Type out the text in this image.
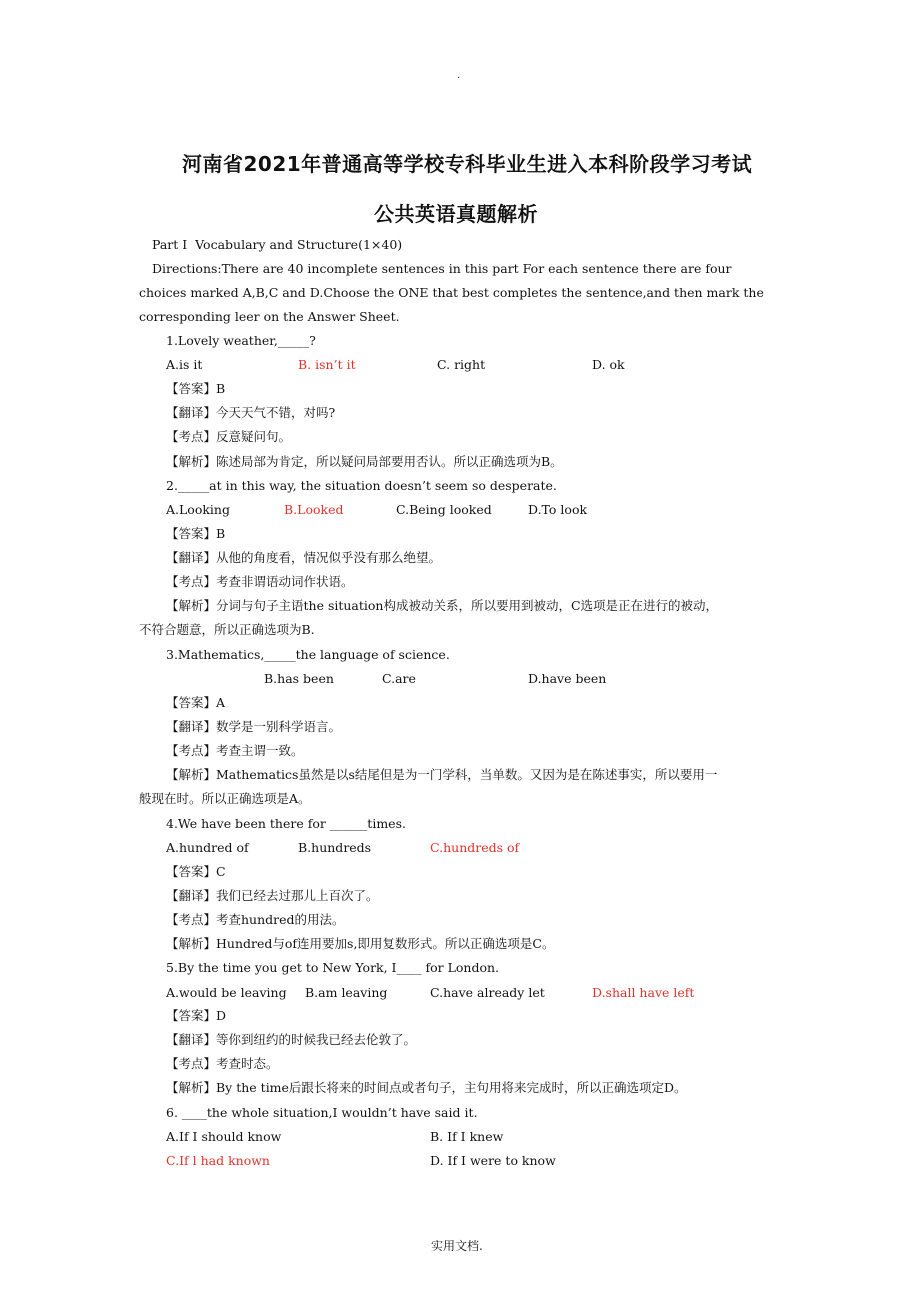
.
河南省2021年普通高等学校专科毕业生进入本科阶段学习考试
公共英语真题解析
Part I  Vocabulary and Structure(1×40)
Directions:There are 40 incomplete sentences in this part For each sentence there are four
choices marked A,B,C and D.Choose the ONE that best completes the sentence,and then mark the
corresponding leer on the Answer Sheet.
1.Lovely weather,_____?
A.is it	B. isn’t it	C. right	D. ok
【答案】B
【翻译】今天天气不错，对吗?
【考点】反意疑问句。
【解析】陈述局部为肯定，所以疑问局部要用否认。所以正确选项为B。
2._____at in this way, the situation doesn’t seem so desperate.
A.Looking	B.Looked	C.Being looked	D.To look
【答案】B
【翻译】从他的角度看，情况似乎没有那么绝望。
【考点】考查非谓语动词作状语。
【解析】分词与句子主语the situation构成被动关系，所以要用到被动，C选项是正在进行的被动，
不符合题意，所以正确选项为B.
3.Mathematics,_____the language of science.
B.has been	C.are	D.have been
【答案】A
【翻译】数学是一别科学语言。
【考点】考查主谓一致。
【解析】Mathematics虽然是以s结尾但是为一门学科，当单数。又因为是在陈述事实，所以要用一
般现在时。所以正确选项是A。
4.We have been there for ______times.
A.hundred of	B.hundreds	C.hundreds of
【答案】C
【翻译】我们已经去过那儿上百次了。
【考点】考查hundred的用法。
【解析】Hundred与of连用要加s,即用复数形式。所以正确选项是C。
5.By the time you get to New York, I____ for London.
A.would be leaving B.am leaving	C.have already let	D.shall have left
【答案】D
【翻译】等你到纽约的时候我已经去伦敦了。
【考点】考查时态。
【解析】By the time后跟长将来的时间点或者句子，主句用将来完成时，所以正确选项定D。
6. ____the whole situation,I wouldn’t have said it.
A.If I should know	B. If I knew
C.If l had known	D. If I were to know
实用文档.
